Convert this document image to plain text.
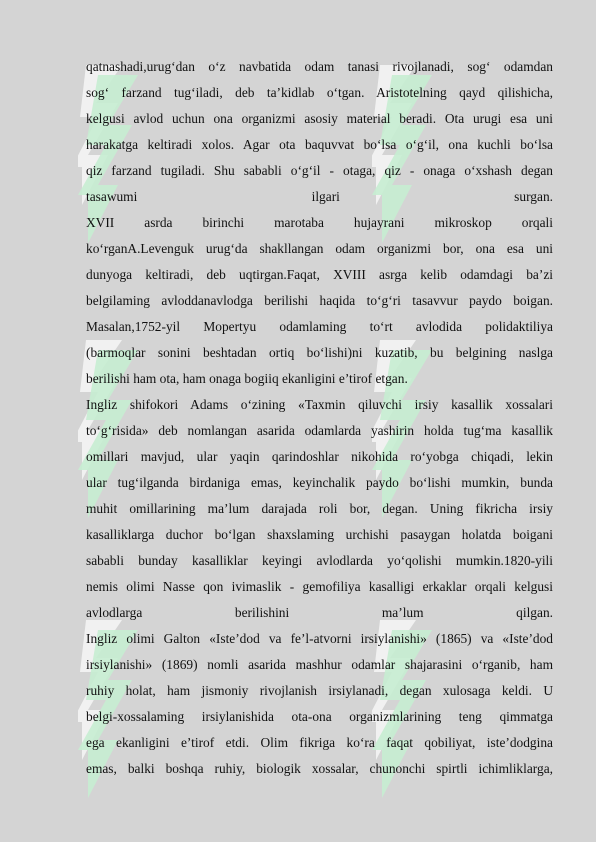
qatnashadi,urug‘dan o‘z navbatida odam tanasi rivojlanadi, sog‘ odamdan
sog‘ farzand tug‘iladi, deb ta’kidlab o‘tgan. Aristotelning qayd qilishicha,
kelgusi avlod uchun ona organizmi asosiy material beradi. Ota urugi esa uni
harakatga keltiradi xolos. Agar ota baquvvat bo‘lsa o‘g‘il, ona kuchli bo‘lsa
qiz farzand tugiladi. Shu sababli o‘g‘il - otaga, qiz - onaga o‘xshash degan
tasawumi ilgari surgan.
XVII asrda birinchi marotaba hujayrani mikroskop orqali
ko‘rganA.Levenguk urug‘da shakllangan odam organizmi bor, ona esa uni
dunyoga keltiradi, deb uqtirgan.Faqat, XVIII asrga kelib odamdagi ba’zi
belgilaming avloddanavlodga berilishi haqida to‘g‘ri tasavvur paydo boigan.
Masalan,1752-yil Mopertyu odamlaming to‘rt avlodida polidaktiliya
(barmoqlar sonini beshtadan ortiq bo‘lishi)ni kuzatib, bu belgining naslga
berilishi ham ota, ham onaga bogiiq ekanligini e’tirof etgan.
Ingliz shifokori Adams o‘zining «Taxmin qiluvchi irsiy kasallik xossalari
to‘g‘risida» deb nomlangan asarida odamlarda yashirin holda tug‘ma kasallik
omillari mavjud, ular yaqin qarindoshlar nikohida ro‘yobga chiqadi, lekin
ular tug‘ilganda birdaniga emas, keyinchalik paydo bo‘lishi mumkin, bunda
muhit omillarining ma’lum darajada roli bor, degan. Uning fikricha irsiy
kasalliklarga duchor bo‘lgan shaxslaming urchishi pasaygan holatda boigani
sababli bunday kasalliklar keyingi avlodlarda yo‘qolishi mumkin.1820-yili
nemis olimi Nasse qon ivimaslik - gemofiliya kasalligi erkaklar orqali kelgusi
avlodlarga berilishini ma’lum qilgan.
Ingliz olimi Galton «Iste’dod va fe’l-atvorni irsiylanishi» (1865) va «Iste’dod
irsiylanishi» (1869) nomli asarida mashhur odamlar shajarasini o‘rganib, ham
ruhiy holat, ham jismoniy rivojlanish irsiylanadi, degan xulosaga keldi. U
belgi-xossalaming irsiylanishida ota-ona organizmlarining teng qimmatga
ega ekanligini e’tirof etdi. Olim fikriga ko‘ra faqat qobiliyat, iste’dodgina
emas, balki boshqa ruhiy, biologik xossalar, chunonchi spirtli ichimliklarga,
